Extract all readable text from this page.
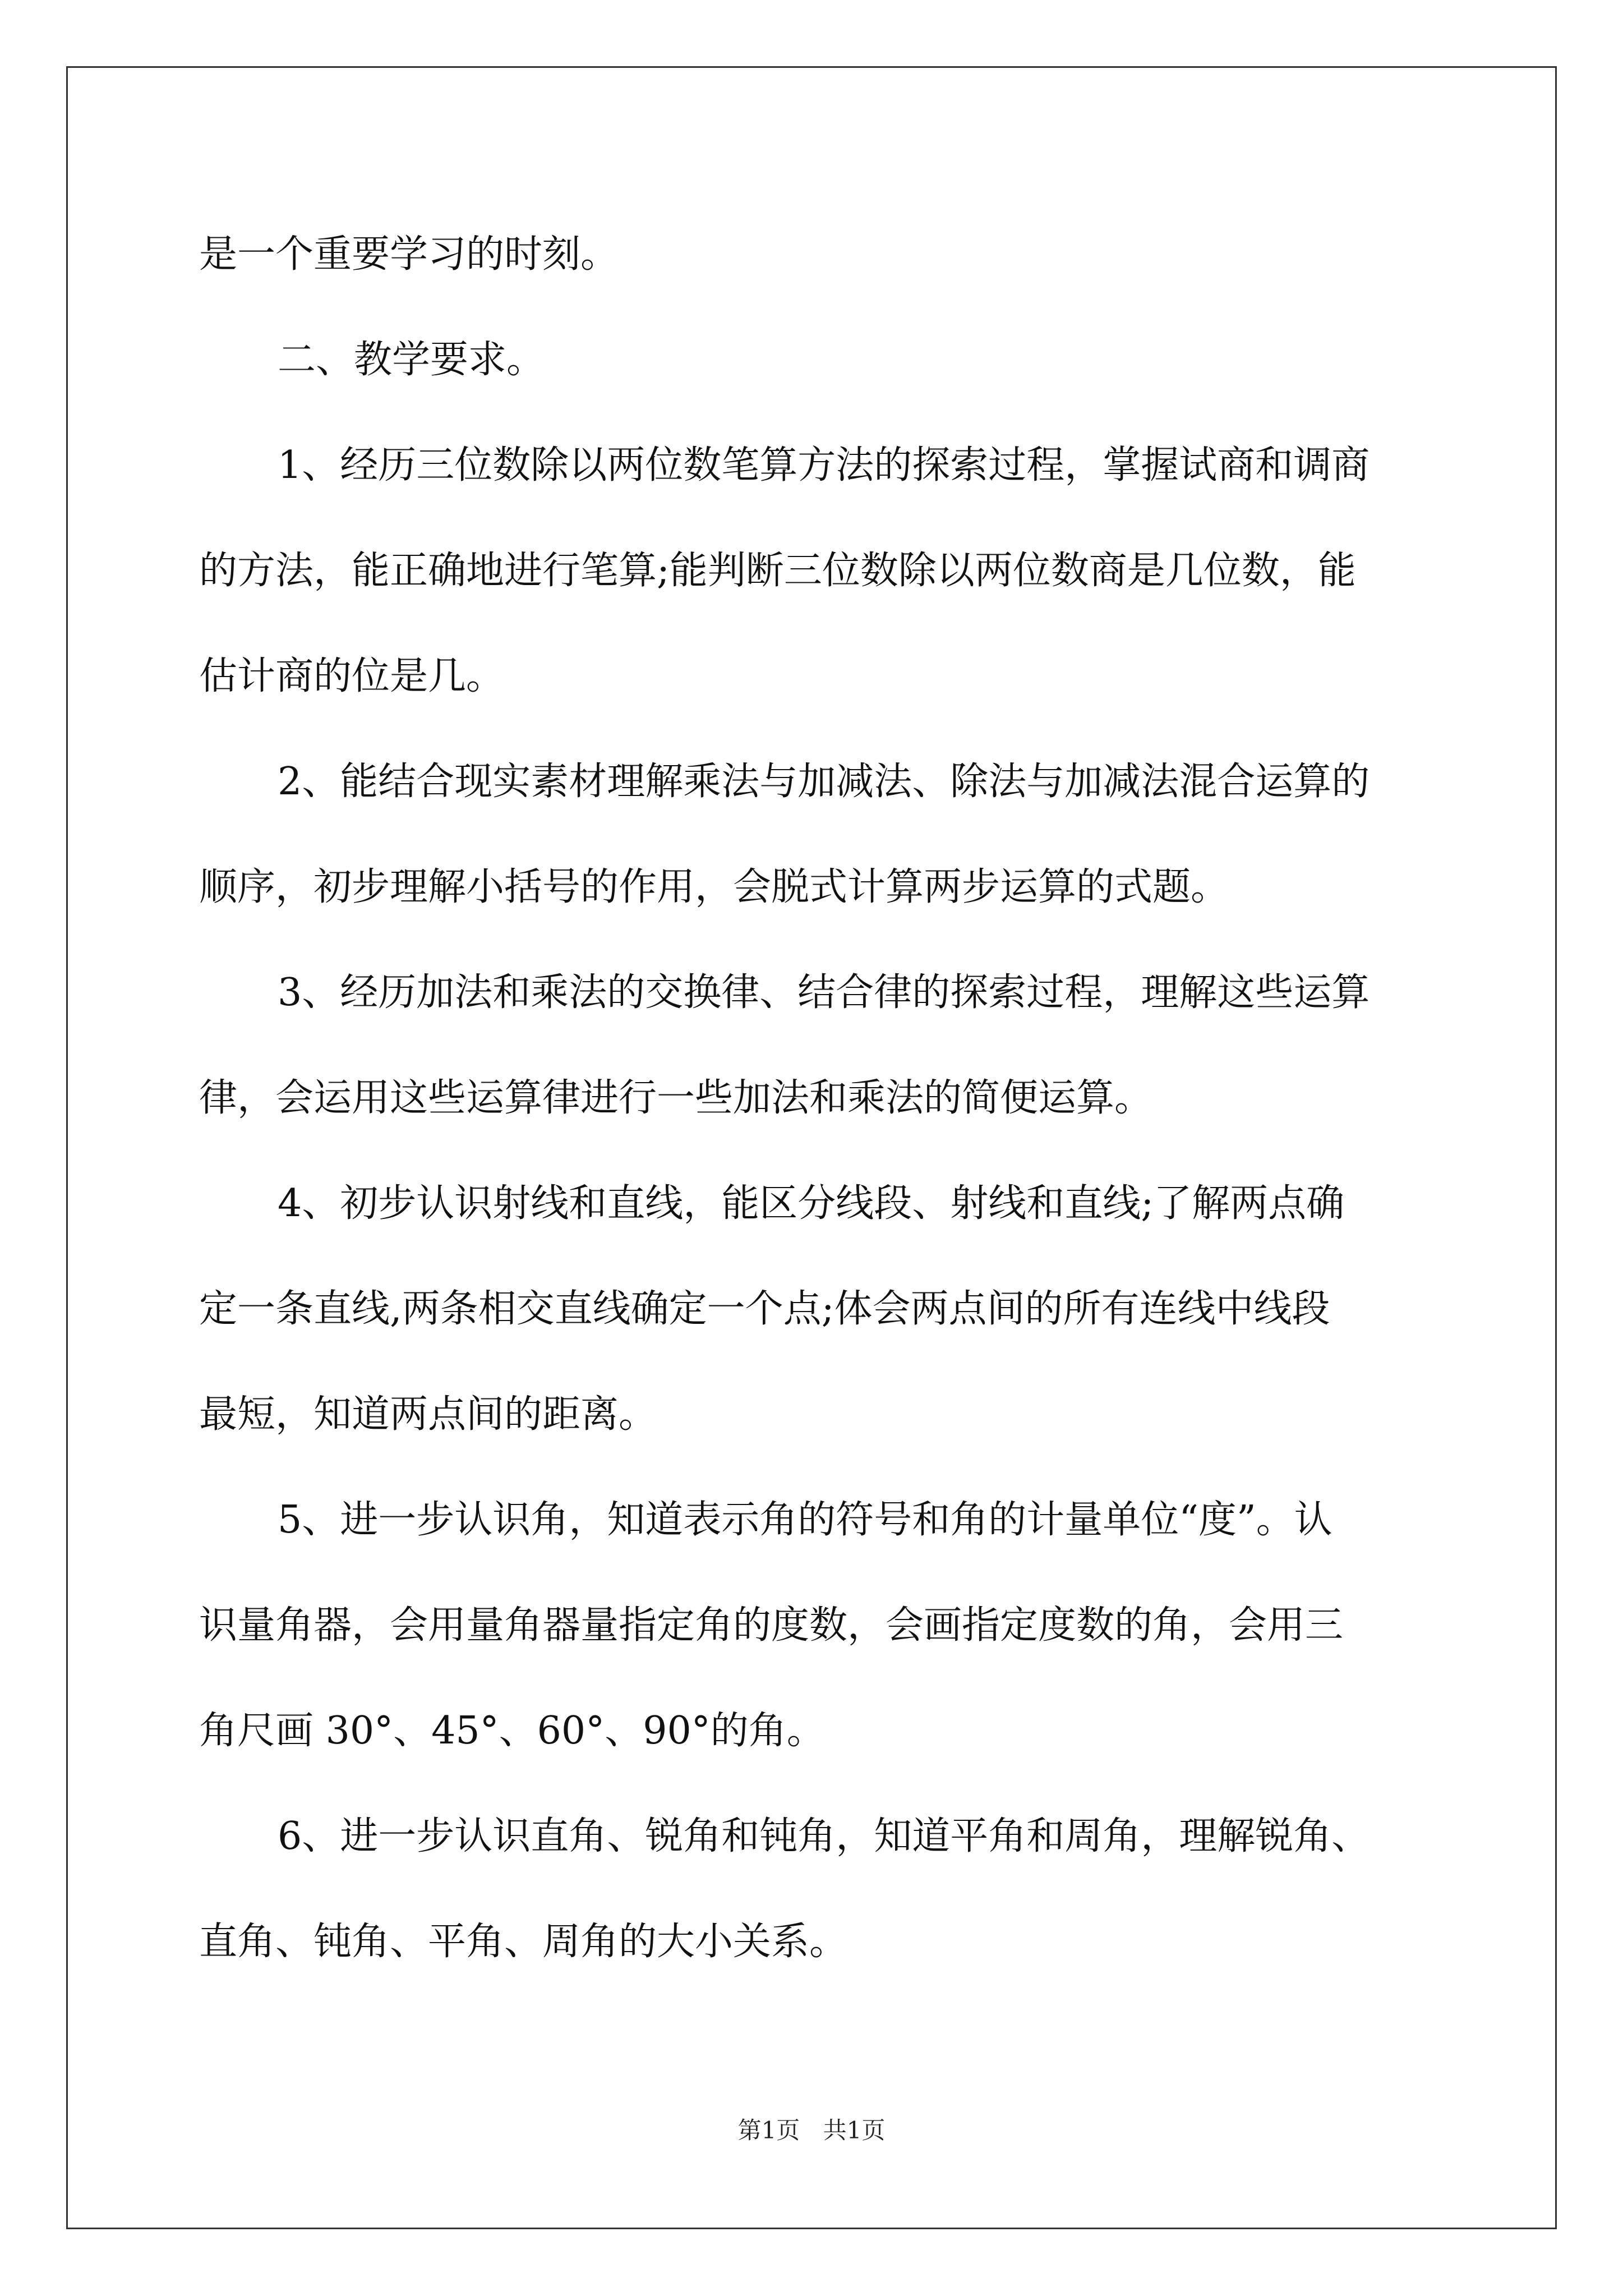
是一个重要学习的时刻。
二、教学要求。
1、经历三位数除以两位数笔算方法的探索过程，掌握试商和调商
的方法，能正确地进行笔算;能判断三位数除以两位数商是几位数，能
估计商的位是几。
2、能结合现实素材理解乘法与加减法、除法与加减法混合运算的
顺序，初步理解小括号的作用，会脱式计算两步运算的式题。
3、经历加法和乘法的交换律、结合律的探索过程，理解这些运算
律，会运用这些运算律进行一些加法和乘法的简便运算。
4、初步认识射线和直线，能区分线段、射线和直线;了解两点确
定一条直线,两条相交直线确定一个点;体会两点间的所有连线中线段
最短，知道两点间的距离。
5、进一步认识角，知道表示角的符号和角的计量单位“度”。认
识量角器，会用量角器量指定角的度数，会画指定度数的角，会用三
角尺画 30°、45°、60°、90°的角。
6、进一步认识直角、锐角和钝角，知道平角和周角，理解锐角、
直角、钝角、平角、周角的大小关系。
第1页 共1页
